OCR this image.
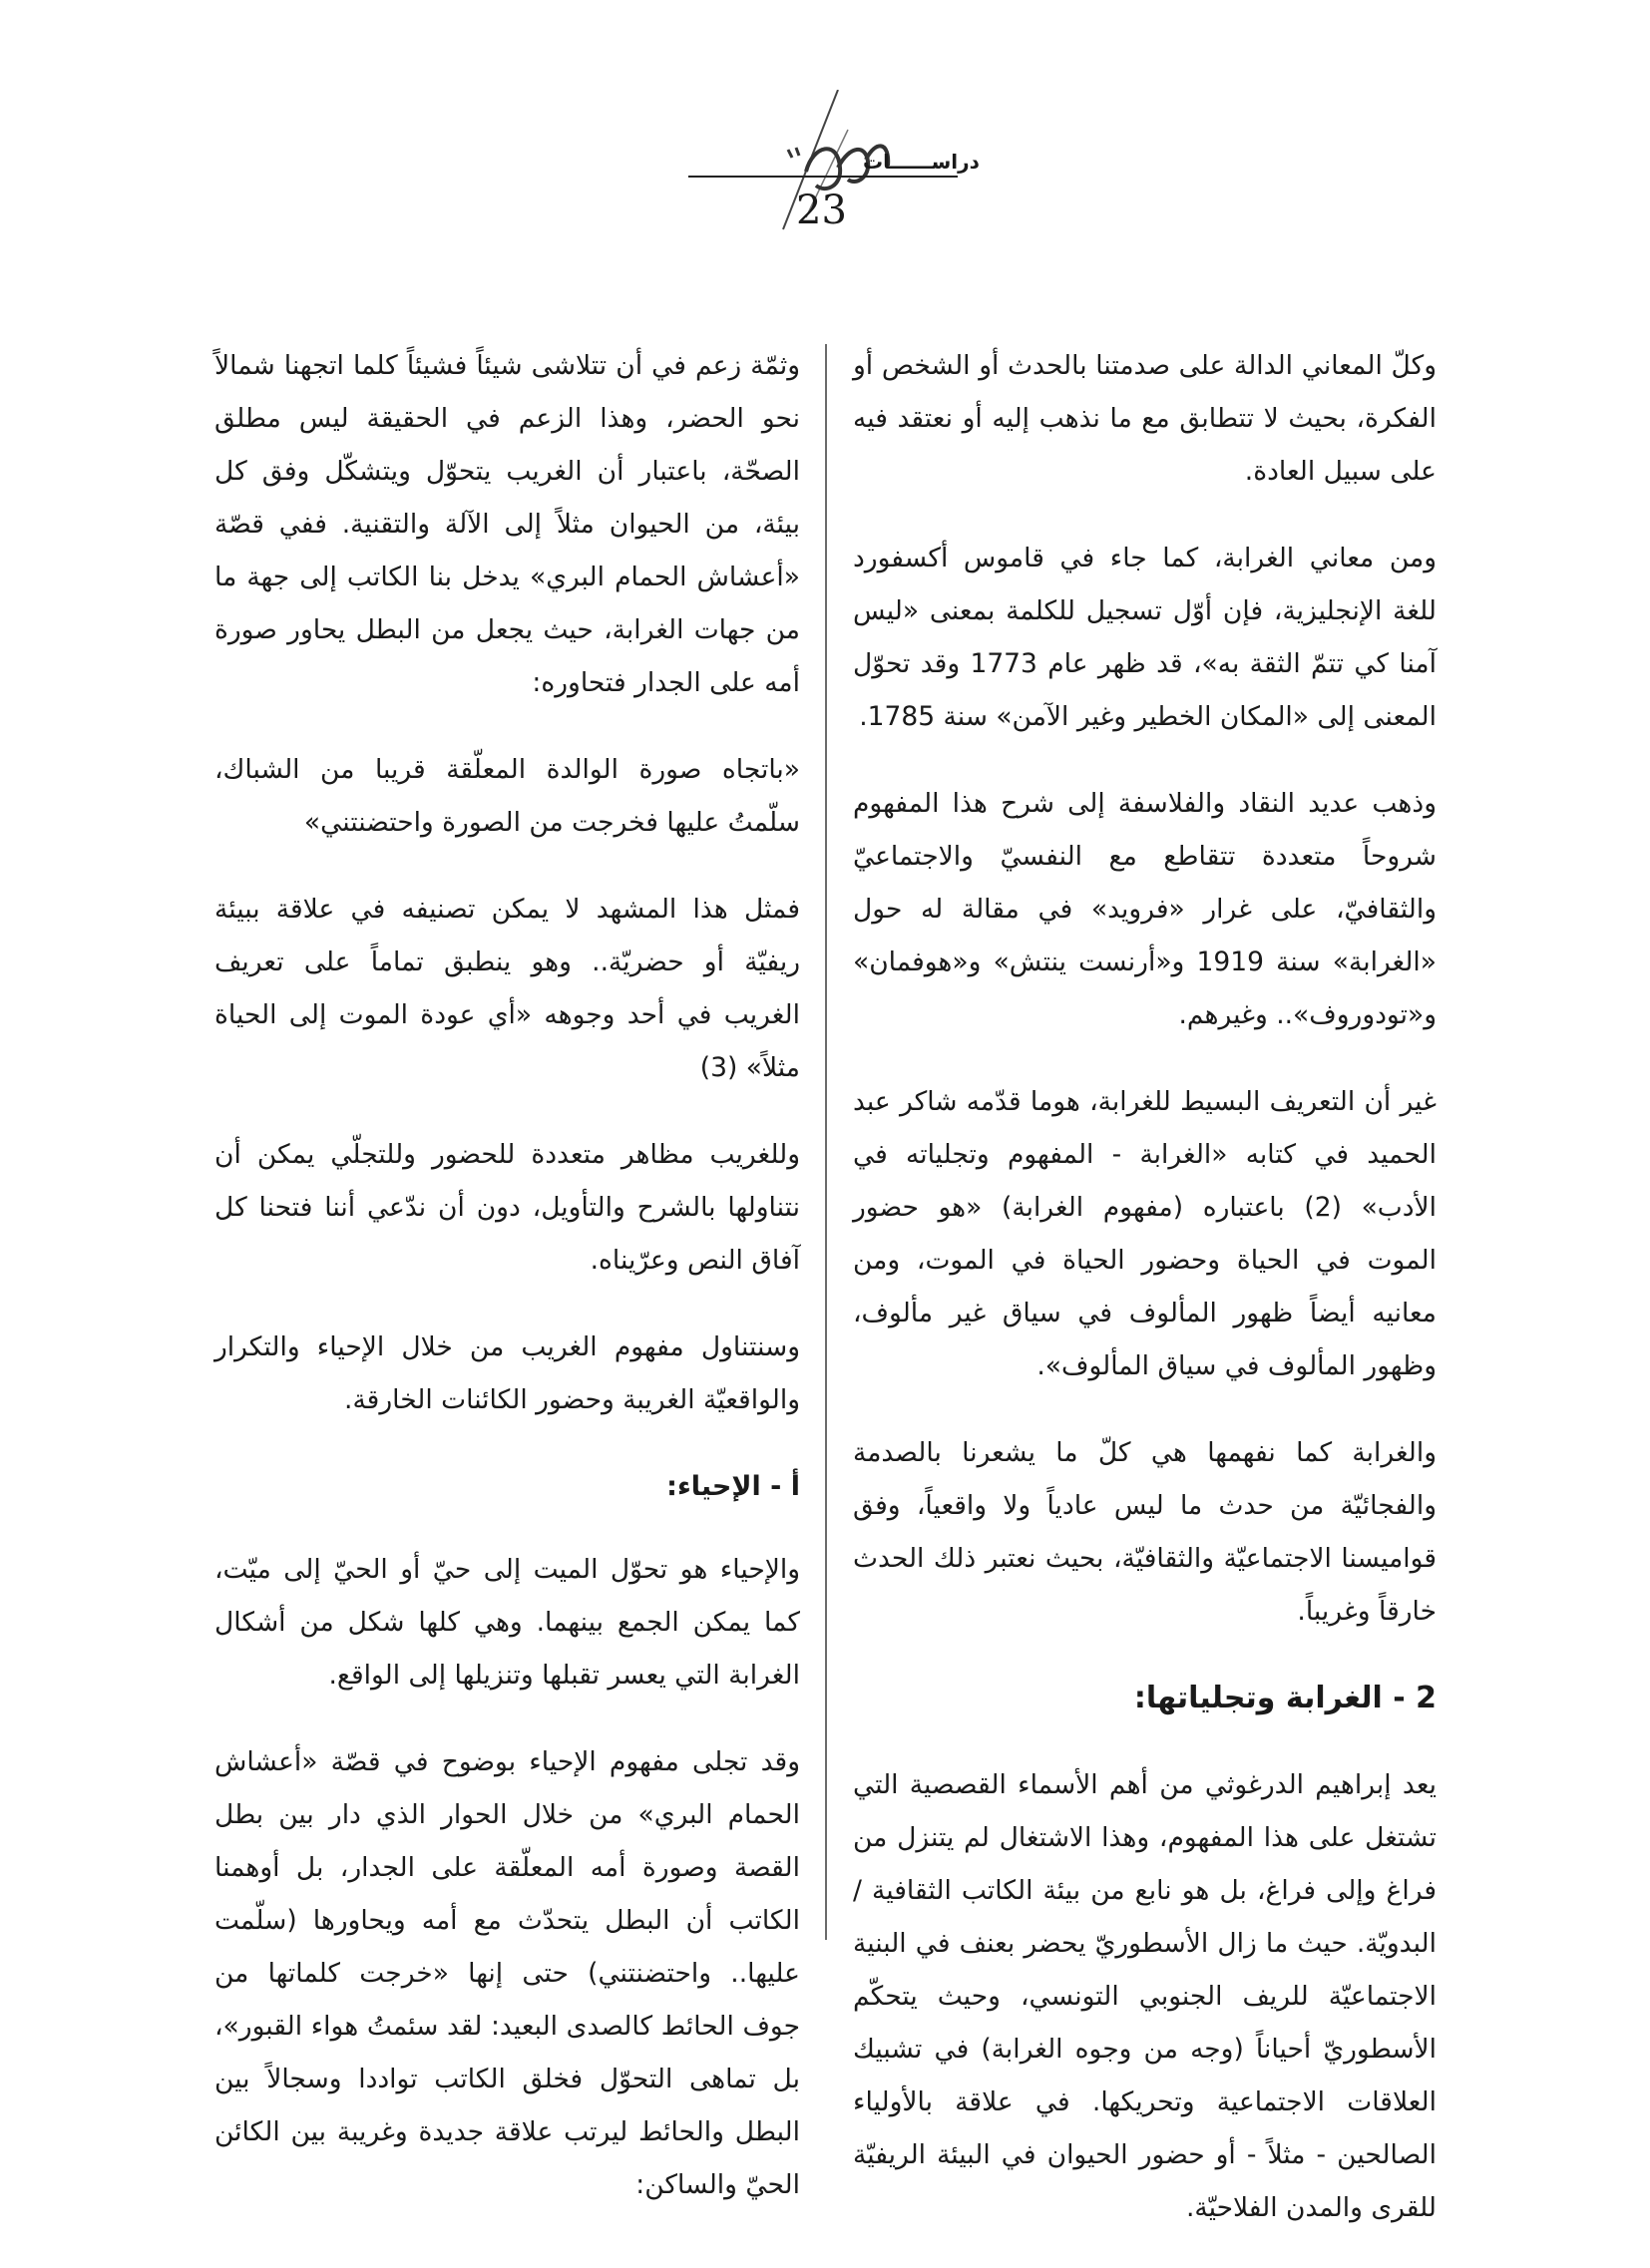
دراســــــات
23

وكلّ المعاني الدالة على صدمتنا بالحدث أو الشخص أو الفكرة، بحيث لا تتطابق مع ما نذهب إليه أو نعتقد فيه على سبيل العادة.

ومن معاني الغرابة، كما جاء في قاموس أكسفورد للغة الإنجليزية، فإن أوّل تسجيل للكلمة بمعنى «ليس آمنا كي تتمّ الثقة به»، قد ظهر عام 1773 وقد تحوّل المعنى إلى «المكان الخطير وغير الآمن» سنة 1785.

وذهب عديد النقاد والفلاسفة إلى شرح هذا المفهوم شروحاً متعددة تتقاطع مع النفسيّ والاجتماعيّ والثقافيّ، على غرار «فرويد» في مقالة له حول «الغرابة» سنة 1919 و«أرنست ينتش» و«هوفمان» و«تودوروف».. وغيرهم.

غير أن التعريف البسيط للغرابة، هوما قدّمه شاكر عبد الحميد في كتابه «الغرابة - المفهوم وتجلياته في الأدب» (2) باعتباره (مفهوم الغرابة) «هو حضور الموت في الحياة وحضور الحياة في الموت، ومن معانيه أيضاً ظهور المألوف في سياق غير مألوف، وظهور المألوف في سياق المألوف».

والغرابة كما نفهمها هي كلّ ما يشعرنا بالصدمة والفجائيّة من حدث ما ليس عادياً ولا واقعياً، وفق قواميسنا الاجتماعيّة والثقافيّة، بحيث نعتبر ذلك الحدث خارقاً وغريباً.

2 - الغرابة وتجلياتها:

يعد إبراهيم الدرغوثي من أهم الأسماء القصصية التي تشتغل على هذا المفهوم، وهذا الاشتغال لم يتنزل من فراغ وإلى فراغ، بل هو نابع من بيئة الكاتب الثقافية / البدويّة. حيث ما زال الأسطوريّ يحضر بعنف في البنية الاجتماعيّة للريف الجنوبي التونسي، وحيث يتحكّم الأسطوريّ أحياناً (وجه من وجوه الغرابة) في تشبيك العلاقات الاجتماعية وتحريكها. في علاقة بالأولياء الصالحين - مثلاً - أو حضور الحيوان في البيئة الريفيّة للقرى والمدن الفلاحيّة.

وثمّة زعم في أن تتلاشى شيئاً فشيئاً كلما اتجهنا شمالاً نحو الحضر، وهذا الزعم في الحقيقة ليس مطلق الصحّة، باعتبار أن الغريب يتحوّل ويتشكّل وفق كل بيئة، من الحيوان مثلاً إلى الآلة والتقنية. ففي قصّة «أعشاش الحمام البري» يدخل بنا الكاتب إلى جهة ما من جهات الغرابة، حيث يجعل من البطل يحاور صورة أمه على الجدار فتحاوره:

«باتجاه صورة الوالدة المعلّقة قريبا من الشباك، سلّمتُ عليها فخرجت من الصورة واحتضنتني»

فمثل هذا المشهد لا يمكن تصنيفه في علاقة ببيئة ريفيّة أو حضريّة.. وهو ينطبق تماماً على تعريف الغريب في أحد وجوهه «أي عودة الموت إلى الحياة مثلاً» (3)

وللغريب مظاهر متعددة للحضور وللتجلّي يمكن أن نتناولها بالشرح والتأويل، دون أن ندّعي أننا فتحنا كل آفاق النص وعرّيناه.

وسنتناول مفهوم الغريب من خلال الإحياء والتكرار والواقعيّة الغريبة وحضور الكائنات الخارقة.

أ - الإحياء:

والإحياء هو تحوّل الميت إلى حيّ أو الحيّ إلى ميّت، كما يمكن الجمع بينهما. وهي كلها شكل من أشكال الغرابة التي يعسر تقبلها وتنزيلها إلى الواقع.

وقد تجلى مفهوم الإحياء بوضوح في قصّة «أعشاش الحمام البري» من خلال الحوار الذي دار بين بطل القصة وصورة أمه المعلّقة على الجدار، بل أوهمنا الكاتب أن البطل يتحدّث مع أمه ويحاورها (سلّمت عليها.. واحتضنتني) حتى إنها «خرجت كلماتها من جوف الحائط كالصدى البعيد: لقد سئمتُ هواء القبور»، بل تماهى التحوّل فخلق الكاتب تواددا وسجالاً بين البطل والحائط ليرتب علاقة جديدة وغريبة بين الكائن الحيّ والساكن:
